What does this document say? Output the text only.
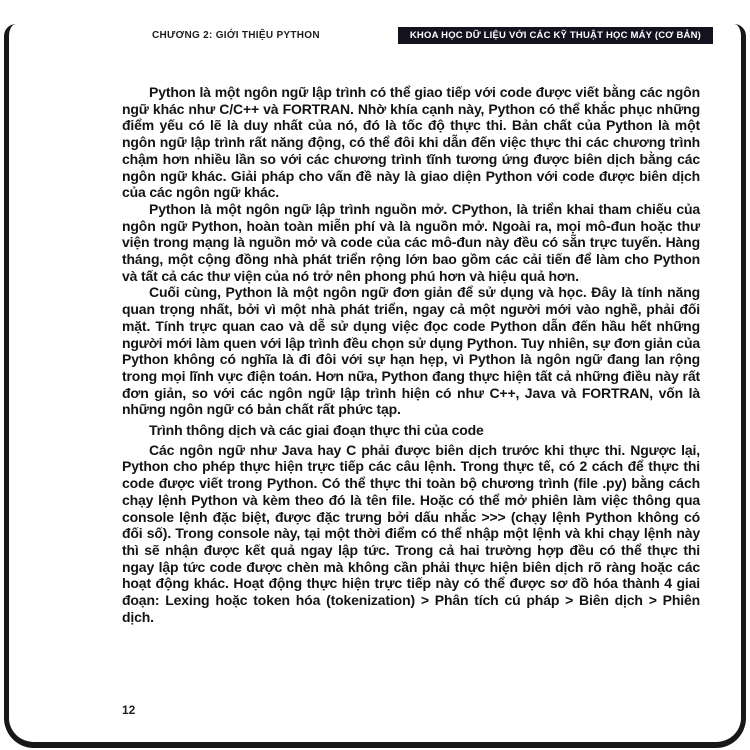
CHƯƠNG 2: GIỚI THIỆU PYTHON	KHOA HỌC DỮ LIỆU VỚI CÁC KỸ THUẬT HỌC MÁY (CƠ BẢN)

Python là một ngôn ngữ lập trình có thể giao tiếp với code được viết bằng các ngôn ngữ khác như C/C++ và FORTRAN. Nhờ khía cạnh này, Python có thể khắc phục những điểm yếu có lẽ là duy nhất của nó, đó là tốc độ thực thi. Bản chất của Python là một ngôn ngữ lập trình rất năng động, có thể đôi khi dẫn đến việc thực thi các chương trình chậm hơn nhiều lần so với các chương trình tĩnh tương ứng được biên dịch bằng các ngôn ngữ khác. Giải pháp cho vấn đề này là giao diện Python với code được biên dịch của các ngôn ngữ khác.

Python là một ngôn ngữ lập trình nguồn mở. CPython, là triển khai tham chiếu của ngôn ngữ Python, hoàn toàn miễn phí và là nguồn mở. Ngoài ra, mọi mô-đun hoặc thư viện trong mạng là nguồn mở và code của các mô-đun này đều có sẵn trực tuyến. Hàng tháng, một cộng đồng nhà phát triển rộng lớn bao gồm các cải tiến để làm cho Python và tất cả các thư viện của nó trở nên phong phú hơn và hiệu quả hơn.

Cuối cùng, Python là một ngôn ngữ đơn giản để sử dụng và học. Đây là tính năng quan trọng nhất, bởi vì một nhà phát triển, ngay cả một người mới vào nghề, phải đối mặt. Tính trực quan cao và dễ sử dụng việc đọc code Python dẫn đến hầu hết những người mới làm quen với lập trình đều chọn sử dụng Python. Tuy nhiên, sự đơn giản của Python không có nghĩa là đi đôi với sự hạn hẹp, vì Python là ngôn ngữ đang lan rộng trong mọi lĩnh vực điện toán. Hơn nữa, Python đang thực hiện tất cả những điều này rất đơn giản, so với các ngôn ngữ lập trình hiện có như C++, Java và FORTRAN, vốn là những ngôn ngữ có bản chất rất phức tạp.

Trình thông dịch và các giai đoạn thực thi của code

Các ngôn ngữ như Java hay C phải được biên dịch trước khi thực thi. Ngược lại, Python cho phép thực hiện trực tiếp các câu lệnh. Trong thực tế, có 2 cách để thực thi code được viết trong Python. Có thể thực thi toàn bộ chương trình (file .py) bằng cách chạy lệnh Python và kèm theo đó là tên file. Hoặc có thể mở phiên làm việc thông qua console lệnh đặc biệt, được đặc trưng bởi dấu nhắc >>> (chạy lệnh Python không có đối số). Trong console này, tại một thời điểm có thể nhập một lệnh và khi chạy lệnh này thì sẽ nhận được kết quả ngay lập tức. Trong cả hai trường hợp đều có thể thực thi ngay lập tức code được chèn mà không cần phải thực hiện biên dịch rõ ràng hoặc các hoạt động khác. Hoạt động thực hiện trực tiếp này có thể được sơ đồ hóa thành 4 giai đoạn: Lexing hoặc token hóa (tokenization) > Phân tích cú pháp > Biên dịch > Phiên dịch.

12
